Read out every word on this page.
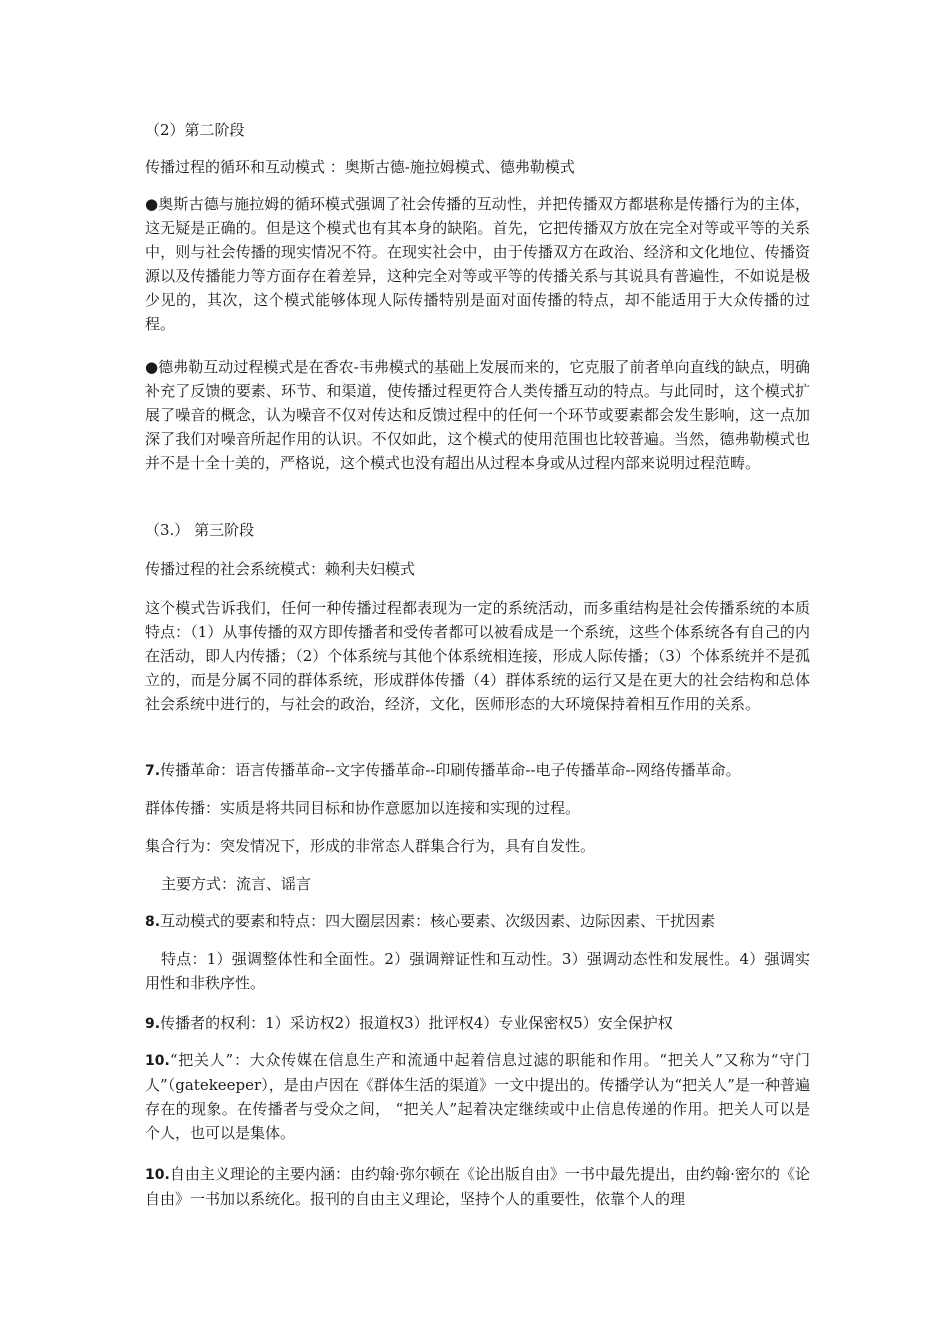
（2）第二阶段

传播过程的循环和互动模式 ：奥斯古德-施拉姆模式、德弗勒模式

●奥斯古德与施拉姆的循环模式强调了社会传播的互动性，并把传播双方都堪称是传播行为的主体，这无疑是正确的。但是这个模式也有其本身的缺陷。首先，它把传播双方放在完全对等或平等的关系中，则与社会传播的现实情况不符。在现实社会中，由于传播双方在政治、经济和文化地位、传播资源以及传播能力等方面存在着差异，这种完全对等或平等的传播关系与其说具有普遍性，不如说是极少见的，其次，这个模式能够体现人际传播特别是面对面传播的特点，却不能适用于大众传播的过程。

●德弗勒互动过程模式是在香农-韦弗模式的基础上发展而来的，它克服了前者单向直线的缺点，明确补充了反馈的要素、环节、和渠道，使传播过程更符合人类传播互动的特点。与此同时，这个模式扩展了噪音的概念，认为噪音不仅对传达和反馈过程中的任何一个环节或要素都会发生影响，这一点加深了我们对噪音所起作用的认识。不仅如此，这个模式的使用范围也比较普遍。当然，德弗勒模式也并不是十全十美的，严格说，这个模式也没有超出从过程本身或从过程内部来说明过程范畴。

（3.） 第三阶段

传播过程的社会系统模式：赖利夫妇模式

这个模式告诉我们，任何一种传播过程都表现为一定的系统活动，而多重结构是社会传播系统的本质特点：（1）从事传播的双方即传播者和受传者都可以被看成是一个系统，这些个体系统各有自己的内在活动，即人内传播；（2）个体系统与其他个体系统相连接，形成人际传播；（3）个体系统并不是孤立的，而是分属不同的群体系统，形成群体传播（4）群体系统的运行又是在更大的社会结构和总体社会系统中进行的，与社会的政治，经济，文化，医师形态的大环境保持着相互作用的关系。

7.传播革命：语言传播革命--文字传播革命--印刷传播革命--电子传播革命--网络传播革命。

群体传播：实质是将共同目标和协作意愿加以连接和实现的过程。

集合行为：突发情况下，形成的非常态人群集合行为，具有自发性。

主要方式：流言、谣言

8.互动模式的要素和特点：四大圈层因素：核心要素、次级因素、边际因素、干扰因素

特点：1）强调整体性和全面性。2）强调辩证性和互动性。3）强调动态性和发展性。4）强调实用性和非秩序性。

9.传播者的权利：1）采访权2）报道权3）批评权4）专业保密权5）安全保护权

10.“把关人”：大众传媒在信息生产和流通中起着信息过滤的职能和作用。“把关人”又称为“守门人”（gatekeeper），是由卢因在《群体生活的渠道》一文中提出的。传播学认为“把关人”是一种普遍存在的现象。在传播者与受众之间， “把关人”起着决定继续或中止信息传递的作用。把关人可以是个人，也可以是集体。

10.自由主义理论的主要内涵：由约翰·弥尔顿在《论出版自由》一书中最先提出，由约翰·密尔的《论自由》一书加以系统化。报刊的自由主义理论，坚持个人的重要性，依靠个人的理
